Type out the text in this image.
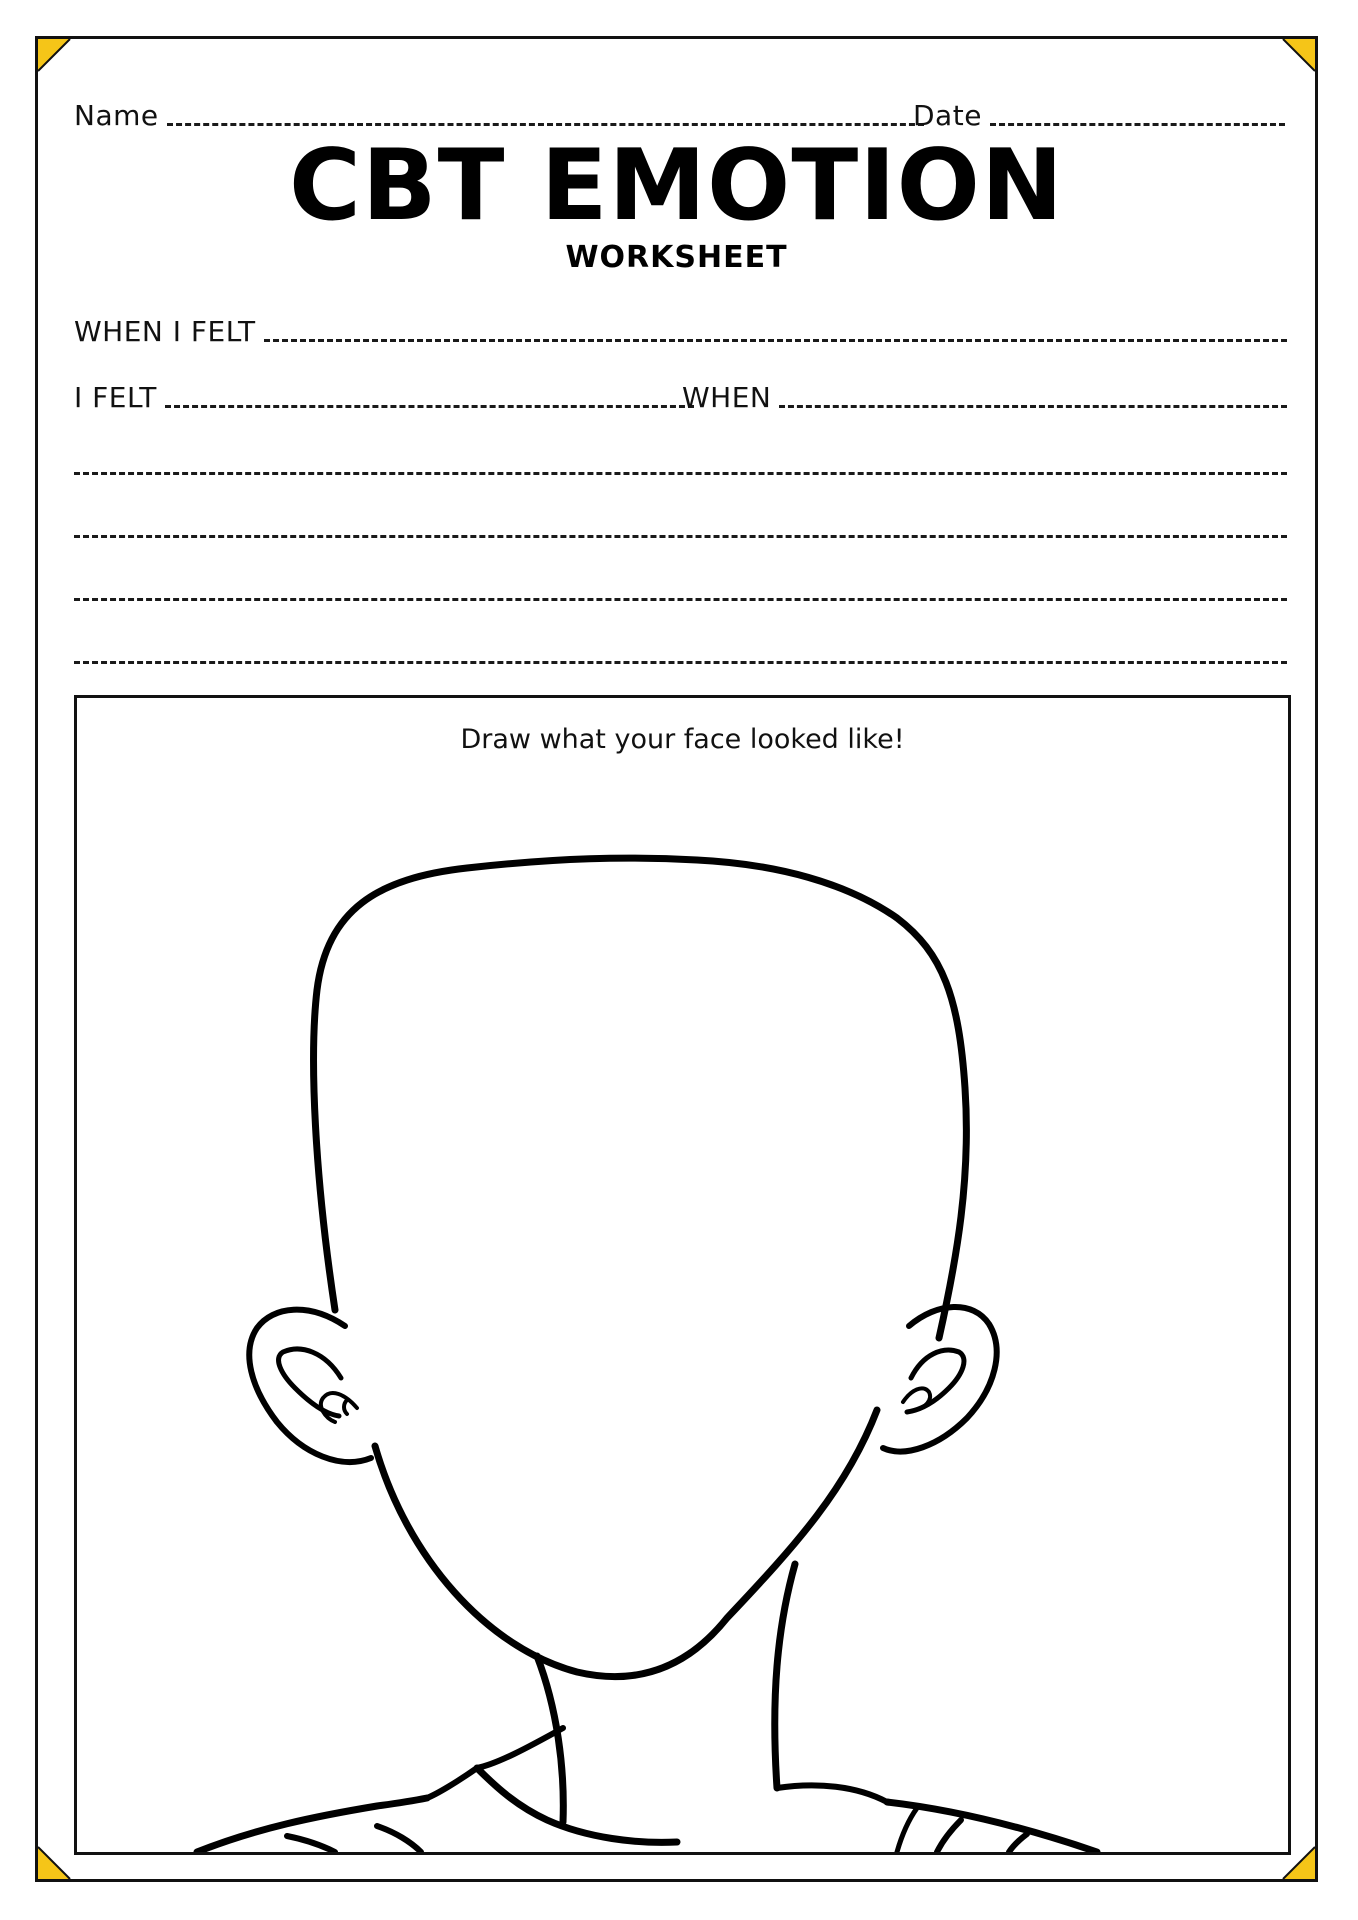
Name	Date
CBT EMOTION
WORKSHEET
WHEN I FELT
I FELT	WHEN
Draw what your face looked like!
